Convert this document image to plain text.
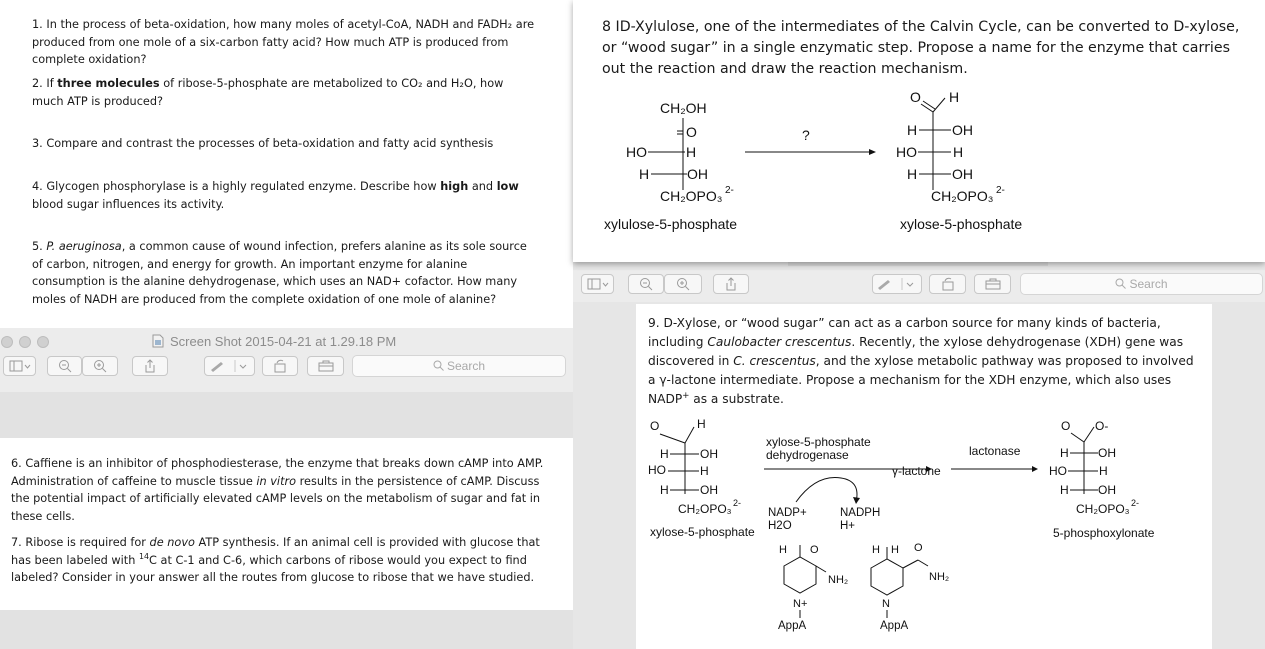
1. In the process of beta-oxidation, how many moles of acetyl-CoA, NADH and FADH₂ are produced from one mole of a six-carbon fatty acid? How much ATP is produced from complete oxidation?
2. If three molecules of ribose-5-phosphate are metabolized to CO₂ and H₂O, how much ATP is produced?
3. Compare and contrast the processes of beta-oxidation and fatty acid synthesis
4. Glycogen phosphorylase is a highly regulated enzyme. Describe how high and low blood sugar influences its activity.
5. P. aeruginosa, a common cause of wound infection, prefers alanine as its sole source of carbon, nitrogen, and energy for growth. An important enzyme for alanine consumption is the alanine dehydrogenase, which uses an NAD+ cofactor. How many moles of NADH are produced from the complete oxidation of one mole of alanine?
Screen Shot 2015-04-21 at 1.29.18 PM
Search
6. Caffiene is an inhibitor of phosphodiesterase, the enzyme that breaks down cAMP into AMP. Administration of caffeine to muscle tissue in vitro results in the persistence of cAMP. Discuss the potential impact of artificially elevated cAMP levels on the metabolism of sugar and fat in these cells.
7. Ribose is required for de novo ATP synthesis. If an animal cell is provided with glucose that has been labeled with $^{14}$C at C-1 and C-6, which carbons of ribose would you expect to find labeled? Consider in your answer all the routes from glucose to ribose that we have studied.
Search
9. D-Xylose, or “wood sugar” can act as a carbon source for many kinds of bacteria, including Caulobacter crescentus. Recently, the xylose dehydrogenase (XDH) gene was discovered in C. crescentus, and the xylose metabolic pathway was proposed to involved a γ-lactone intermediate. Propose a mechanism for the XDH enzyme, which also uses NADP+ as a substrate.
O	H
H	OH
HO	H
H	OH
CH₂OPO₃ 2-
xylose-5-phosphate
xylose-5-phosphate
dehydrogenase
NADP+
H2O
NADPH
H+
γ-lactone
lactonase
O O-
H OH
HO	H
H OH
CH₂OPO₃ 2-
5-phosphoxylonate
H O
N+
NH₂
AppA
H H O
N
NH₂
AppA
8 ID-Xylulose, one of the intermediates of the Calvin Cycle, can be converted to D-xylose, or “wood sugar” in a single enzymatic step. Propose a name for the enzyme that carries out the reaction and draw the reaction mechanism.
CH₂OH
O
HO	H
H	OH
CH₂OPO₃ 2-
xylulose-5-phosphate
?
O H
H OH
HO	H
H OH
CH₂OPO₃ 2-
xylose-5-phosphate
